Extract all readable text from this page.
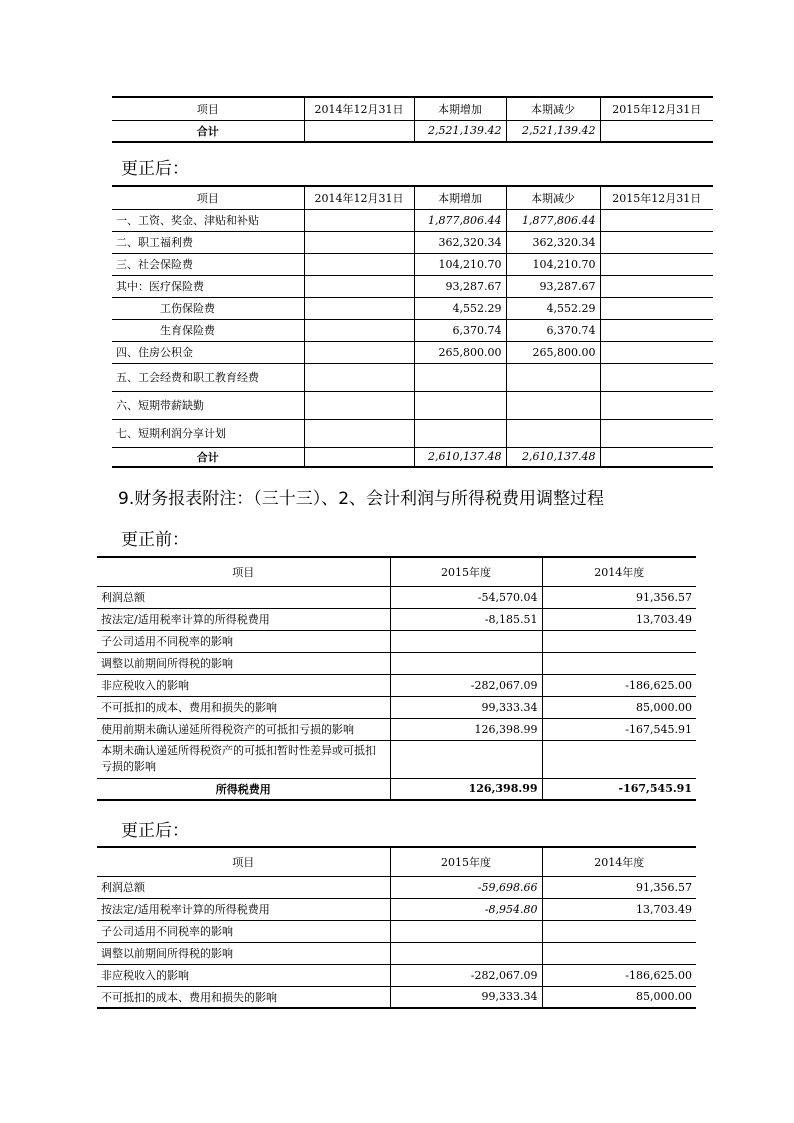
项目	2014年12月31日	本期增加	本期减少	2015年12月31日
合计		2,521,139.42	2,521,139.42	
更正后：
项目	2014年12月31日	本期增加	本期减少	2015年12月31日
一、工资、奖金、津贴和补贴		1,877,806.44	1,877,806.44	
二、职工福利费		362,320.34	362,320.34	
三、社会保险费		104,210.70	104,210.70	
其中：医疗保险费		93,287.67	93,287.67	
工伤保险费		4,552.29	4,552.29	
生育保险费		6,370.74	6,370.74	
四、住房公积金		265,800.00	265,800.00	
五、工会经费和职工教育经费				
六、短期带薪缺勤				
七、短期利润分享计划				
合计		2,610,137.48	2,610,137.48	
9.财务报表附注：（三十三）、2、会计利润与所得税费用调整过程
更正前：
项目	2015年度	2014年度
利润总额	-54,570.04	91,356.57
按法定/适用税率计算的所得税费用	-8,185.51	13,703.49
子公司适用不同税率的影响		
调整以前期间所得税的影响		
非应税收入的影响	-282,067.09	-186,625.00
不可抵扣的成本、费用和损失的影响	99,333.34	85,000.00
使用前期未确认递延所得税资产的可抵扣亏损的影响	126,398.99	-167,545.91
本期未确认递延所得税资产的可抵扣暂时性差异或可抵扣亏损的影响		
所得税费用	126,398.99	-167,545.91
更正后：
项目	2015年度	2014年度
利润总额	-59,698.66	91,356.57
按法定/适用税率计算的所得税费用	-8,954.80	13,703.49
子公司适用不同税率的影响		
调整以前期间所得税的影响		
非应税收入的影响	-282,067.09	-186,625.00
不可抵扣的成本、费用和损失的影响	99,333.34	85,000.00
